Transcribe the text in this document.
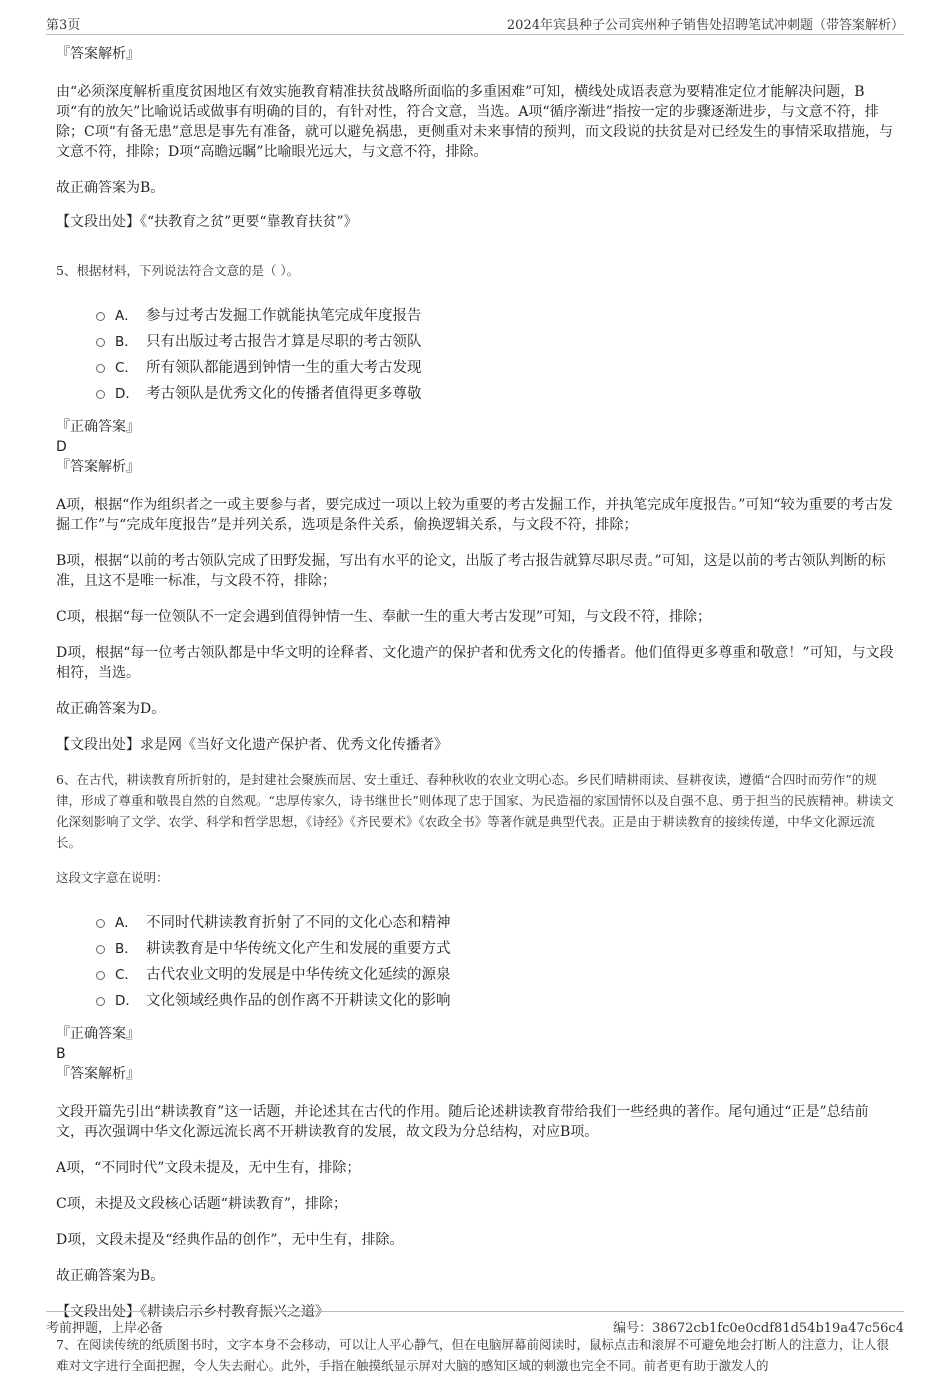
第3页	2024年宾县种子公司宾州种子销售处招聘笔试冲刺题（带答案解析）

『答案解析』

由“必须深度解析重度贫困地区有效实施教育精准扶贫战略所面临的多重困难”可知，横线处成语表意为要精准定位才能解决问题，B项“有的放矢”比喻说话或做事有明确的目的，有针对性，符合文意，当选。A项“循序渐进”指按一定的步骤逐渐进步，与文意不符，排除；C项“有备无患”意思是事先有准备，就可以避免祸患，更侧重对未来事情的预判，而文段说的扶贫是对已经发生的事情采取措施，与文意不符，排除；D项“高瞻远瞩”比喻眼光远大，与文意不符，排除。

故正确答案为B。

【文段出处】《“扶教育之贫”更要“靠教育扶贫”》

5、根据材料，下列说法符合文意的是（ ）。

A． 参与过考古发掘工作就能执笔完成年度报告
B． 只有出版过考古报告才算是尽职的考古领队
C． 所有领队都能遇到钟情一生的重大考古发现
D． 考古领队是优秀文化的传播者值得更多尊敬

『正确答案』

D

『答案解析』

A项，根据“作为组织者之一或主要参与者，要完成过一项以上较为重要的考古发掘工作，并执笔完成年度报告。”可知“较为重要的考古发掘工作”与“完成年度报告”是并列关系，选项是条件关系，偷换逻辑关系，与文段不符，排除；

B项，根据“以前的考古领队完成了田野发掘，写出有水平的论文，出版了考古报告就算尽职尽责。”可知，这是以前的考古领队判断的标准，且这不是唯一标准，与文段不符，排除；

C项，根据“每一位领队不一定会遇到值得钟情一生、奉献一生的重大考古发现”可知，与文段不符，排除；

D项，根据“每一位考古领队都是中华文明的诠释者、文化遗产的保护者和优秀文化的传播者。他们值得更多尊重和敬意！”可知，与文段相符，当选。

故正确答案为D。

【文段出处】求是网《当好文化遗产保护者、优秀文化传播者》

6、在古代，耕读教育所折射的，是封建社会聚族而居、安土重迁、春种秋收的农业文明心态。乡民们晴耕雨读、昼耕夜读，遵循“合四时而劳作”的规律，形成了尊重和敬畏自然的自然观。“忠厚传家久，诗书继世长”则体现了忠于国家、为民造福的家国情怀以及自强不息、勇于担当的民族精神。耕读文化深刻影响了文学、农学、科学和哲学思想，《诗经》《齐民要术》《农政全书》等著作就是典型代表。正是由于耕读教育的接续传递，中华文化源远流长。

这段文字意在说明：

A． 不同时代耕读教育折射了不同的文化心态和精神
B． 耕读教育是中华传统文化产生和发展的重要方式
C． 古代农业文明的发展是中华传统文化延续的源泉
D． 文化领域经典作品的创作离不开耕读文化的影响

『正确答案』

B

『答案解析』

文段开篇先引出“耕读教育”这一话题，并论述其在古代的作用。随后论述耕读教育带给我们一些经典的著作。尾句通过“正是”总结前文，再次强调中华文化源远流长离不开耕读教育的发展，故文段为分总结构，对应B项。

A项，“不同时代”文段未提及，无中生有，排除；

C项，未提及文段核心话题“耕读教育”，排除；

D项，文段未提及“经典作品的创作”，无中生有，排除。

故正确答案为B。

【文段出处】《耕读启示乡村教育振兴之道》

7、在阅读传统的纸质图书时，文字本身不会移动，可以让人平心静气，但在电脑屏幕前阅读时，鼠标点击和滚屏不可避免地会打断人的注意力，让人很难对文字进行全面把握，令人失去耐心。此外，手指在触摸纸显示屏对大脑的感知区域的刺激也完全不同。前者更有助于激发人的

考前押题，上岸必备	编号：38672cb1fc0e0cdf81d54b19a47c56c4
